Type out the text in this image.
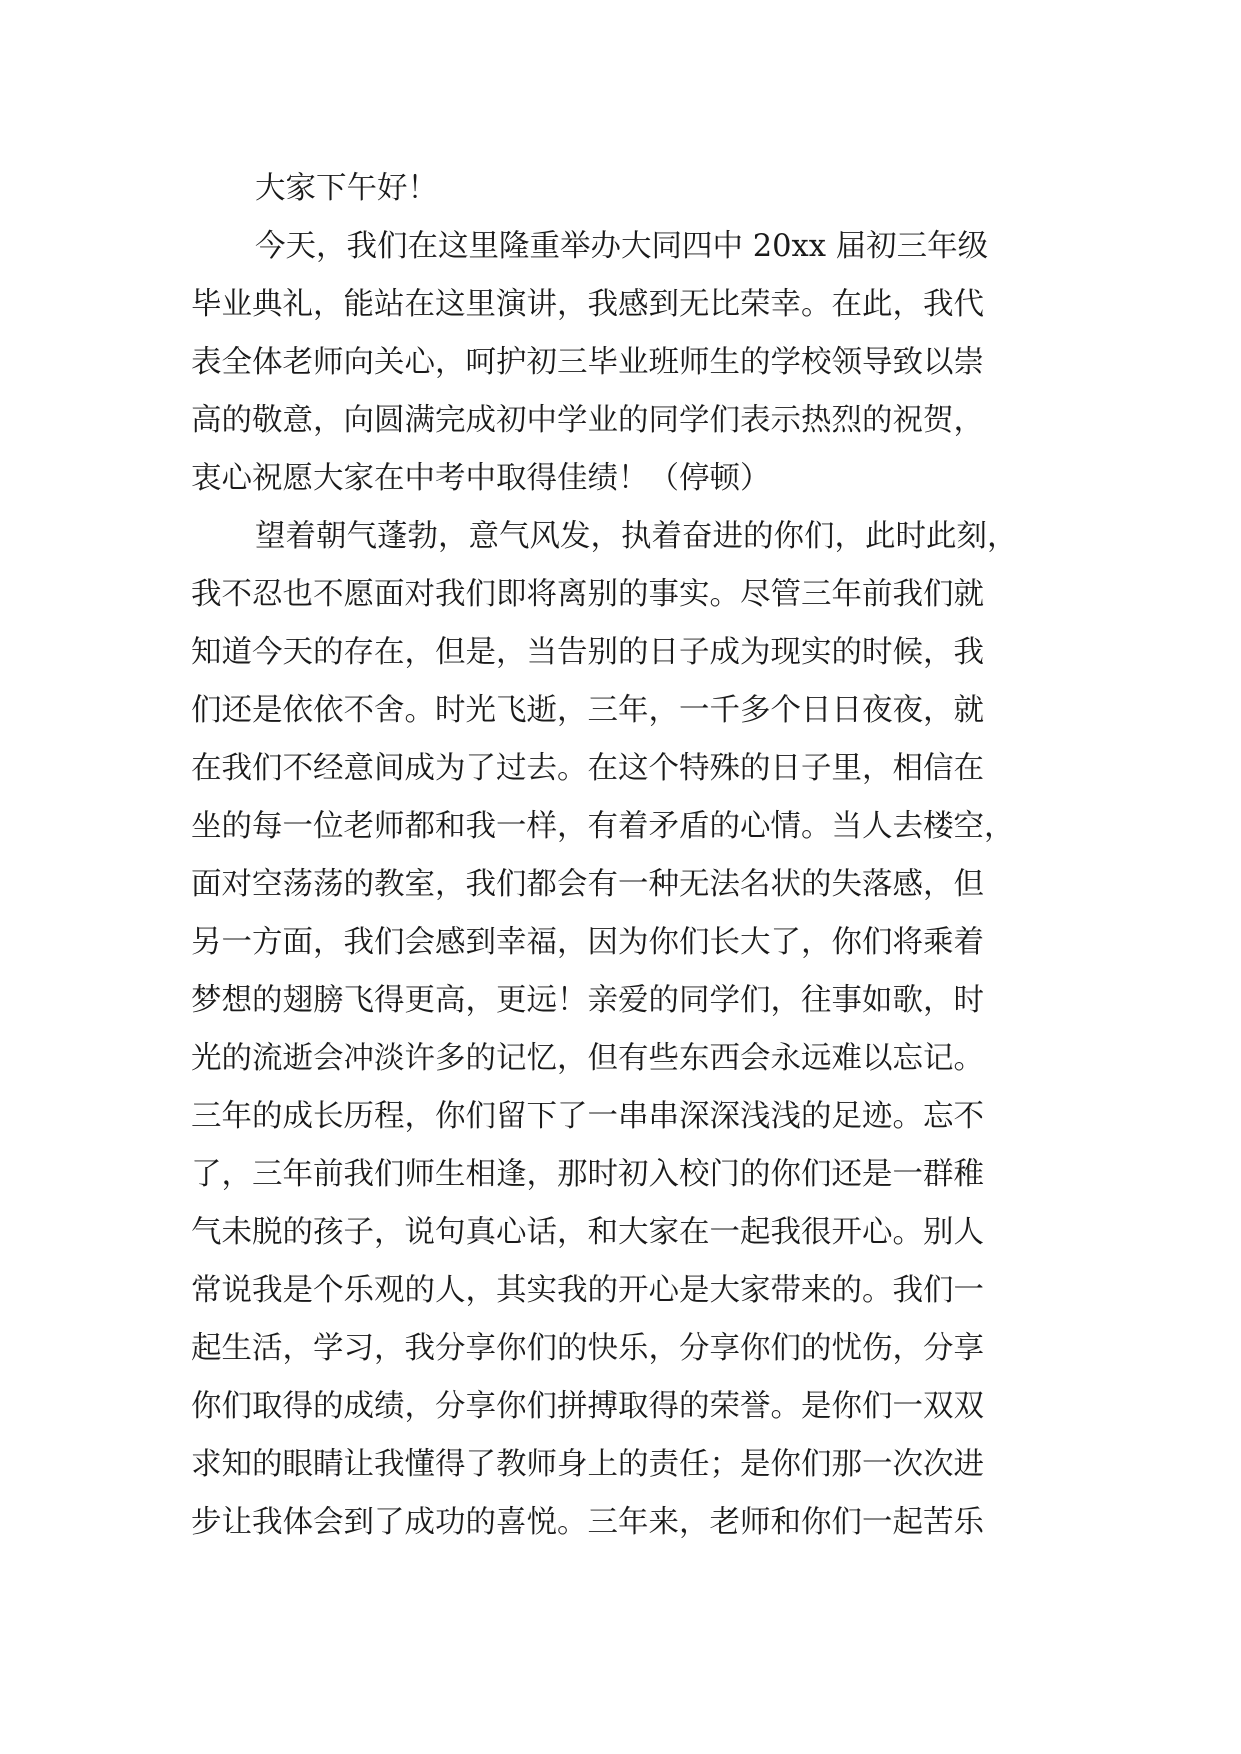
大家下午好！
今天，我们在这里隆重举办大同四中 20xx 届初三年级
毕业典礼，能站在这里演讲，我感到无比荣幸。在此，我代
表全体老师向关心，呵护初三毕业班师生的学校领导致以崇
高的敬意，向圆满完成初中学业的同学们表示热烈的祝贺，
衷心祝愿大家在中考中取得佳绩！（停顿）
望着朝气蓬勃，意气风发，执着奋进的你们，此时此刻，
我不忍也不愿面对我们即将离别的事实。尽管三年前我们就
知道今天的存在，但是，当告别的日子成为现实的时候，我
们还是依依不舍。时光飞逝，三年，一千多个日日夜夜，就
在我们不经意间成为了过去。在这个特殊的日子里，相信在
坐的每一位老师都和我一样，有着矛盾的心情。当人去楼空，
面对空荡荡的教室，我们都会有一种无法名状的失落感，但
另一方面，我们会感到幸福，因为你们长大了，你们将乘着
梦想的翅膀飞得更高，更远！亲爱的同学们，往事如歌，时
光的流逝会冲淡许多的记忆，但有些东西会永远难以忘记。
三年的成长历程，你们留下了一串串深深浅浅的足迹。忘不
了，三年前我们师生相逢，那时初入校门的你们还是一群稚
气未脱的孩子，说句真心话，和大家在一起我很开心。别人
常说我是个乐观的人，其实我的开心是大家带来的。我们一
起生活，学习，我分享你们的快乐，分享你们的忧伤，分享
你们取得的成绩，分享你们拼搏取得的荣誉。是你们一双双
求知的眼睛让我懂得了教师身上的责任；是你们那一次次进
步让我体会到了成功的喜悦。三年来，老师和你们一起苦乐
